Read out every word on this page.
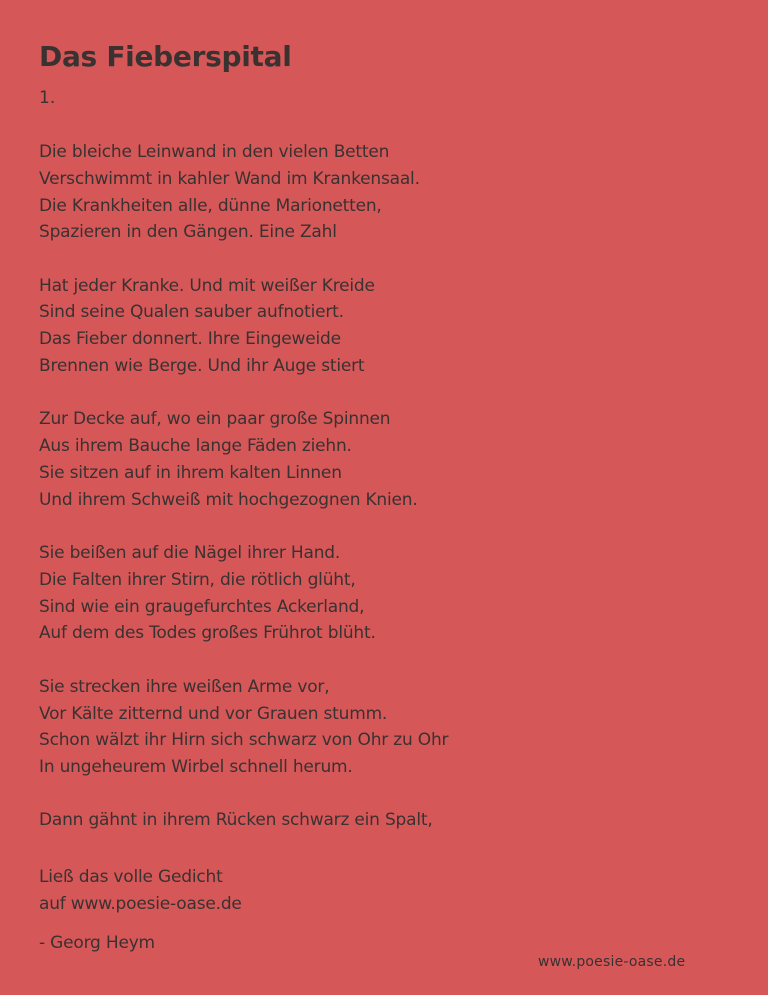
Das Fieberspital

1.

Die bleiche Leinwand in den vielen Betten
Verschwimmt in kahler Wand im Krankensaal.
Die Krankheiten alle, dünne Marionetten,
Spazieren in den Gängen. Eine Zahl
Hat jeder Kranke. Und mit weißer Kreide
Sind seine Qualen sauber aufnotiert.
Das Fieber donnert. Ihre Eingeweide
Brennen wie Berge. Und ihr Auge stiert
Zur Decke auf, wo ein paar große Spinnen
Aus ihrem Bauche lange Fäden ziehn.
Sie sitzen auf in ihrem kalten Linnen
Und ihrem Schweiß mit hochgezognen Knien.
Sie beißen auf die Nägel ihrer Hand.
Die Falten ihrer Stirn, die rötlich glüht,
Sind wie ein graugefurchtes Ackerland,
Auf dem des Todes großes Frührot blüht.
Sie strecken ihre weißen Arme vor,
Vor Kälte zitternd und vor Grauen stumm.
Schon wälzt ihr Hirn sich schwarz von Ohr zu Ohr
In ungeheurem Wirbel schnell herum.
Dann gähnt in ihrem Rücken schwarz ein Spalt,
Ließ das volle Gedicht
auf www.poesie-oase.de

- Georg Heym

www.poesie-oase.de
